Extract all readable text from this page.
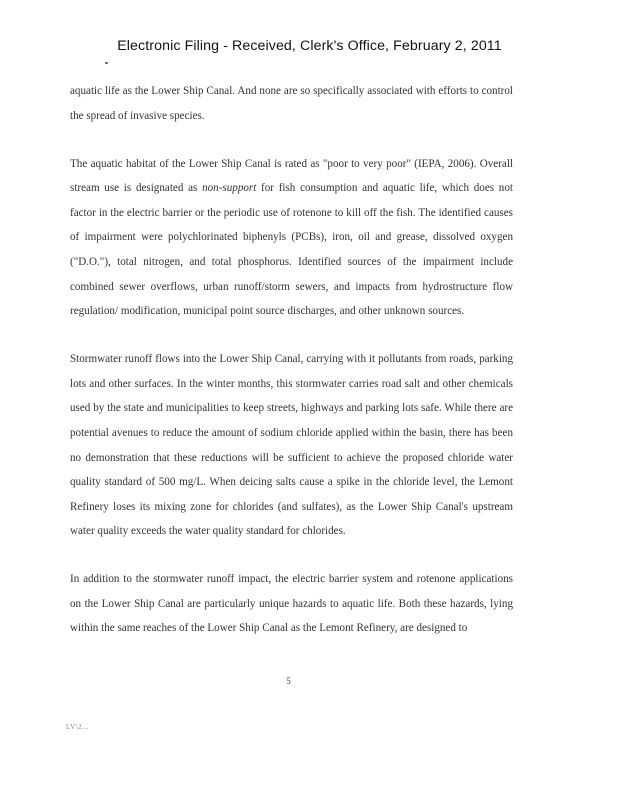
Electronic Filing - Received, Clerk's Office, February 2, 2011

aquatic life as the Lower Ship Canal. And none are so specifically associated with efforts to control the spread of invasive species.

The aquatic habitat of the Lower Ship Canal is rated as "poor to very poor" (IEPA, 2006). Overall stream use is designated as non-support for fish consumption and aquatic life, which does not factor in the electric barrier or the periodic use of rotenone to kill off the fish. The identified causes of impairment were polychlorinated biphenyls (PCBs), iron, oil and grease, dissolved oxygen ("D.O."), total nitrogen, and total phosphorus. Identified sources of the impairment include combined sewer overflows, urban runoff/storm sewers, and impacts from hydrostructure flow regulation/ modification, municipal point source discharges, and other unknown sources.

Stormwater runoff flows into the Lower Ship Canal, carrying with it pollutants from roads, parking lots and other surfaces. In the winter months, this stormwater carries road salt and other chemicals used by the state and municipalities to keep streets, highways and parking lots safe. While there are potential avenues to reduce the amount of sodium chloride applied within the basin, there has been no demonstration that these reductions will be sufficient to achieve the proposed chloride water quality standard of 500 mg/L. When deicing salts cause a spike in the chloride level, the Lemont Refinery loses its mixing zone for chlorides (and sulfates), as the Lower Ship Canal's upstream water quality exceeds the water quality standard for chlorides.

In addition to the stormwater runoff impact, the electric barrier system and rotenone applications on the Lower Ship Canal are particularly unique hazards to aquatic life. Both these hazards, lying within the same reaches of the Lower Ship Canal as the Lemont Refinery, are designed to

5
LV\2...
